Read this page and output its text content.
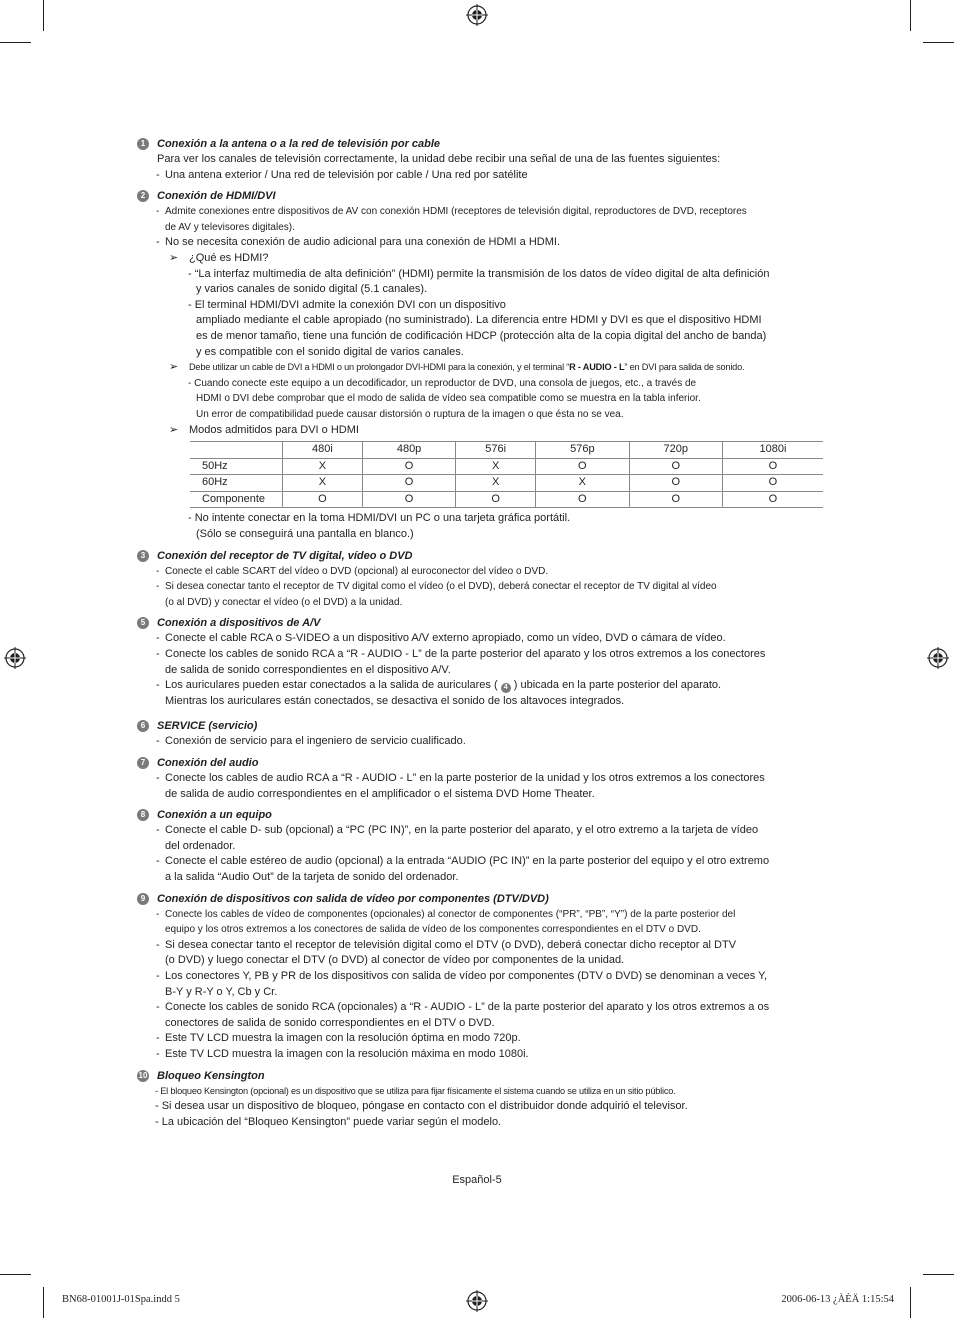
1	Conexión a la antena o a la red de televisión por cable
Para ver los canales de televisión correctamente, la unidad debe recibir una señal de una de las fuentes siguientes:
- Una antena exterior / Una red de televisión por cable / Una red por satélite
2	Conexión de HDMI/DVI
- Admite conexiones entre dispositivos de AV con conexión HDMI (receptores de televisión digital, reproductores de DVD, receptores
de AV y televisores digitales).
- No se necesita conexión de audio adicional para una conexión de HDMI a HDMI.
➢ ¿Qué es HDMI?
- “La interfaz multimedia de alta definición” (HDMI) permite la transmisión de los datos de vídeo digital de alta definición
y varios canales de sonido digital (5.1 canales).
- El terminal HDMI/DVI admite la conexión DVI con un dispositivo
ampliado mediante el cable apropiado (no suministrado). La diferencia entre HDMI y DVI es que el dispositivo HDMI
es de menor tamaño, tiene una función de codificación HDCP (protección alta de la copia digital del ancho de banda)
y es compatible con el sonido digital de varios canales.
➢ Debe utilizar un cable de DVI a HDMI o un prolongador DVI-HDMI para la conexión, y el terminal “R - AUDIO - L” en DVI para salida de sonido.
- Cuando conecte este equipo a un decodificador, un reproductor de DVD, una consola de juegos, etc., a través de
HDMI o DVI debe comprobar que el modo de salida de vídeo sea compatible como se muestra en la tabla inferior.
Un error de compatibilidad puede causar distorsión o ruptura de la imagen o que ésta no se vea.
➢ Modos admitidos para DVI o HDMI
	480i	480p	576i	576p	720p	1080i
50Hz	X	O	X	O	O	O
60Hz	X	O	X	X	O	O
Componente	O	O	O	O	O	O
- No intente conectar en la toma HDMI/DVI un PC o una tarjeta gráfica portátil.
(Sólo se conseguirá una pantalla en blanco.)
3	Conexión del receptor de TV digital, vídeo o DVD
- Conecte el cable SCART del vídeo o DVD (opcional) al euroconector del vídeo o DVD.
- Si desea conectar tanto el receptor de TV digital como el vídeo (o el DVD), deberá conectar el receptor de TV digital al vídeo
(o al DVD) y conectar el vídeo (o el DVD) a la unidad.
5	Conexión a dispositivos de A/V
- Conecte el cable RCA o S-VIDEO a un dispositivo A/V externo apropiado, como un vídeo, DVD o cámara de vídeo.
- Conecte los cables de sonido RCA a “R - AUDIO - L” de la parte posterior del aparato y los otros extremos a los conectores
de salida de sonido correspondientes en el dispositivo A/V.
- Los auriculares pueden estar conectados a la salida de auriculares ( 4 ) ubicada en la parte posterior del aparato.
Mientras los auriculares están conectados, se desactiva el sonido de los altavoces integrados.
6	SERVICE (servicio)
- Conexión de servicio para el ingeniero de servicio cualificado.
7	Conexión del audio
- Conecte los cables de audio RCA a “R - AUDIO - L” en la parte posterior de la unidad y los otros extremos a los conectores
de salida de audio correspondientes en el amplificador o el sistema DVD Home Theater.
8	Conexión a un equipo
- Conecte el cable D- sub (opcional) a “PC (PC IN)”, en la parte posterior del aparato, y el otro extremo a la tarjeta de vídeo
del ordenador.
- Conecte el cable estéreo de audio (opcional) a la entrada “AUDIO (PC IN)” en la parte posterior del equipo y el otro extremo
a la salida “Audio Out” de la tarjeta de sonido del ordenador.
9	Conexión de dispositivos con salida de vídeo por componentes (DTV/DVD)
- Conecte los cables de vídeo de componentes (opcionales) al conector de componentes (“PR”, “PB”, “Y”) de la parte posterior del
equipo y los otros extremos a los conectores de salida de vídeo de los componentes correspondientes en el DTV o DVD.
- Si desea conectar tanto el receptor de televisión digital como el DTV (o DVD), deberá conectar dicho receptor al DTV
(o DVD) y luego conectar el DTV (o DVD) al conector de vídeo por componentes de la unidad.
- Los conectores Y, PB y PR de los dispositivos con salida de vídeo por componentes (DTV o DVD) se denominan a veces Y,
B-Y y R-Y o Y, Cb y Cr.
- Conecte los cables de sonido RCA (opcionales) a “R - AUDIO - L” de la parte posterior del aparato y los otros extremos a os
conectores de salida de sonido correspondientes en el DTV o DVD.
- Este TV LCD muestra la imagen con la resolución óptima en modo 720p.
- Este TV LCD muestra la imagen con la resolución máxima en modo 1080i.
10 Bloqueo Kensington
- El bloqueo Kensington (opcional) es un dispositivo que se utiliza para fijar físicamente el sistema cuando se utiliza en un sitio público.
- Si desea usar un dispositivo de bloqueo, póngase en contacto con el distribuidor donde adquirió el televisor.
- La ubicación del “Bloqueo Kensington” puede variar según el modelo.
Español-5
BN68-01001J-01Spa.indd 5	2006-06-13 ¿ÀÈÄ 1:15:54
